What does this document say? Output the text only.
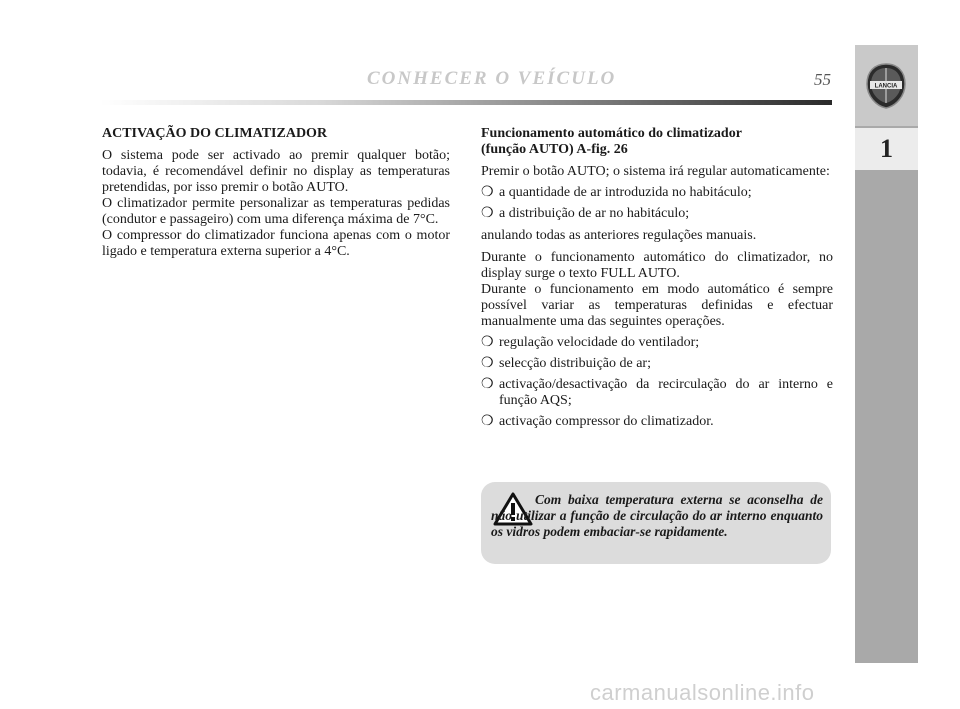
CONHECER O VEÍCULO	55	LANCIA
1

ACTIVAÇÃO DO CLIMATIZADOR

O sistema pode ser activado ao premir qualquer botão; todavia, é recomendável definir no display as temperaturas pretendidas, por isso premir o botão AUTO.

O climatizador permite personalizar as temperaturas pedidas (condutor e passageiro) com uma diferença máxima de 7°C.

O compressor do climatizador funciona apenas com o motor ligado e temperatura externa superior a 4°C.

Funcionamento automático do climatizador
(função AUTO) A-fig. 26

Premir o botão AUTO; o sistema irá regular automaticamente:

❍ a quantidade de ar introduzida no habitáculo;
❍ a distribuição de ar no habitáculo;

anulando todas as anteriores regulações manuais.

Durante o funcionamento automático do climatizador, no display surge o texto FULL AUTO.

Durante o funcionamento em modo automático é sempre possível variar as temperaturas definidas e efectuar manualmente uma das seguintes operações.

❍ regulação velocidade do ventilador;
❍ selecção distribuição de ar;
❍ activação/desactivação da recirculação do ar interno e função AQS;
❍ activação compressor do climatizador.
Com baixa temperatura externa se aconselha de não utilizar a função de circulação do ar interno enquanto os vidros podem embaciar-se rapidamente.
carmanualsonline.info
